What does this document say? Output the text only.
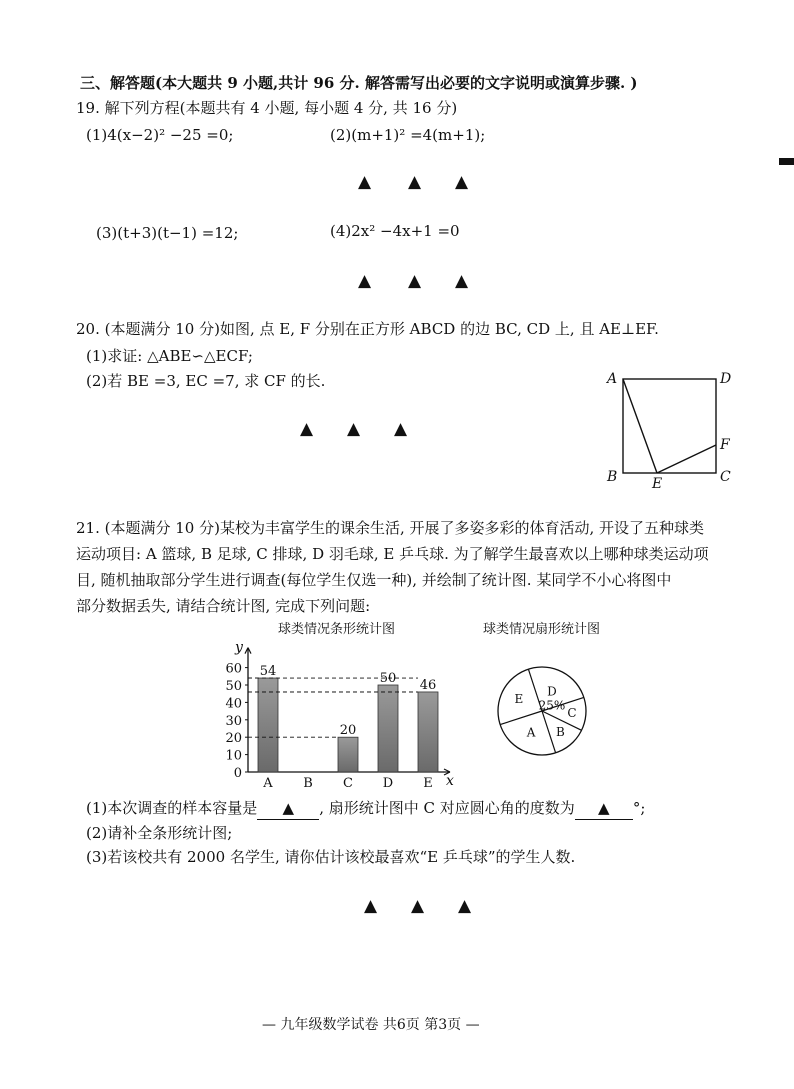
三、解答题(本大题共 9 小题,共计 96 分. 解答需写出必要的文字说明或演算步骤. )
19. 解下列方程(本题共有 4 小题, 每小题 4 分, 共 16 分)
(1)4(x−2)² −25 =0;	(2)(m+1)² =4(m+1);
▲ ▲ ▲
(3)(t+3)(t−1) =12;	(4)2x² −4x+1 =0
▲ ▲ ▲
20. (本题满分 10 分)如图, 点 E, F 分别在正方形 ABCD 的边 BC, CD 上, 且 AE⊥EF.
(1)求证: △ABE∽△ECF;
(2)若 BE =3, EC =7, 求 CF 的长.
▲ ▲ ▲
A	D
B	C
E
F
21. (本题满分 10 分)某校为丰富学生的课余生活, 开展了多姿多彩的体育活动, 开设了五种球类
运动项目: A 篮球, B 足球, C 排球, D 羽毛球, E 乒乓球. 为了解学生最喜欢以上哪种球类运动项
目, 随机抽取部分学生进行调查(每位学生仅选一种), 并绘制了统计图. 某同学不小心将图中
部分数据丢失, 请结合统计图, 完成下列问题:
球类情况条形统计图
y
x
0
10
20
30
40
50
60
A
54
B C
20
D
50
E
46
球类情况扇形统计图
D
C
B
A
E 25%
(1)本次调查的样本容量是 ▲ , 扇形统计图中 C 对应圆心角的度数为 ▲ °;
(2)请补全条形统计图;
(3)若该校共有 2000 名学生, 请你估计该校最喜欢“E 乒乓球”的学生人数.
▲ ▲ ▲
— 九年级数学试卷 共6页 第3页 —
